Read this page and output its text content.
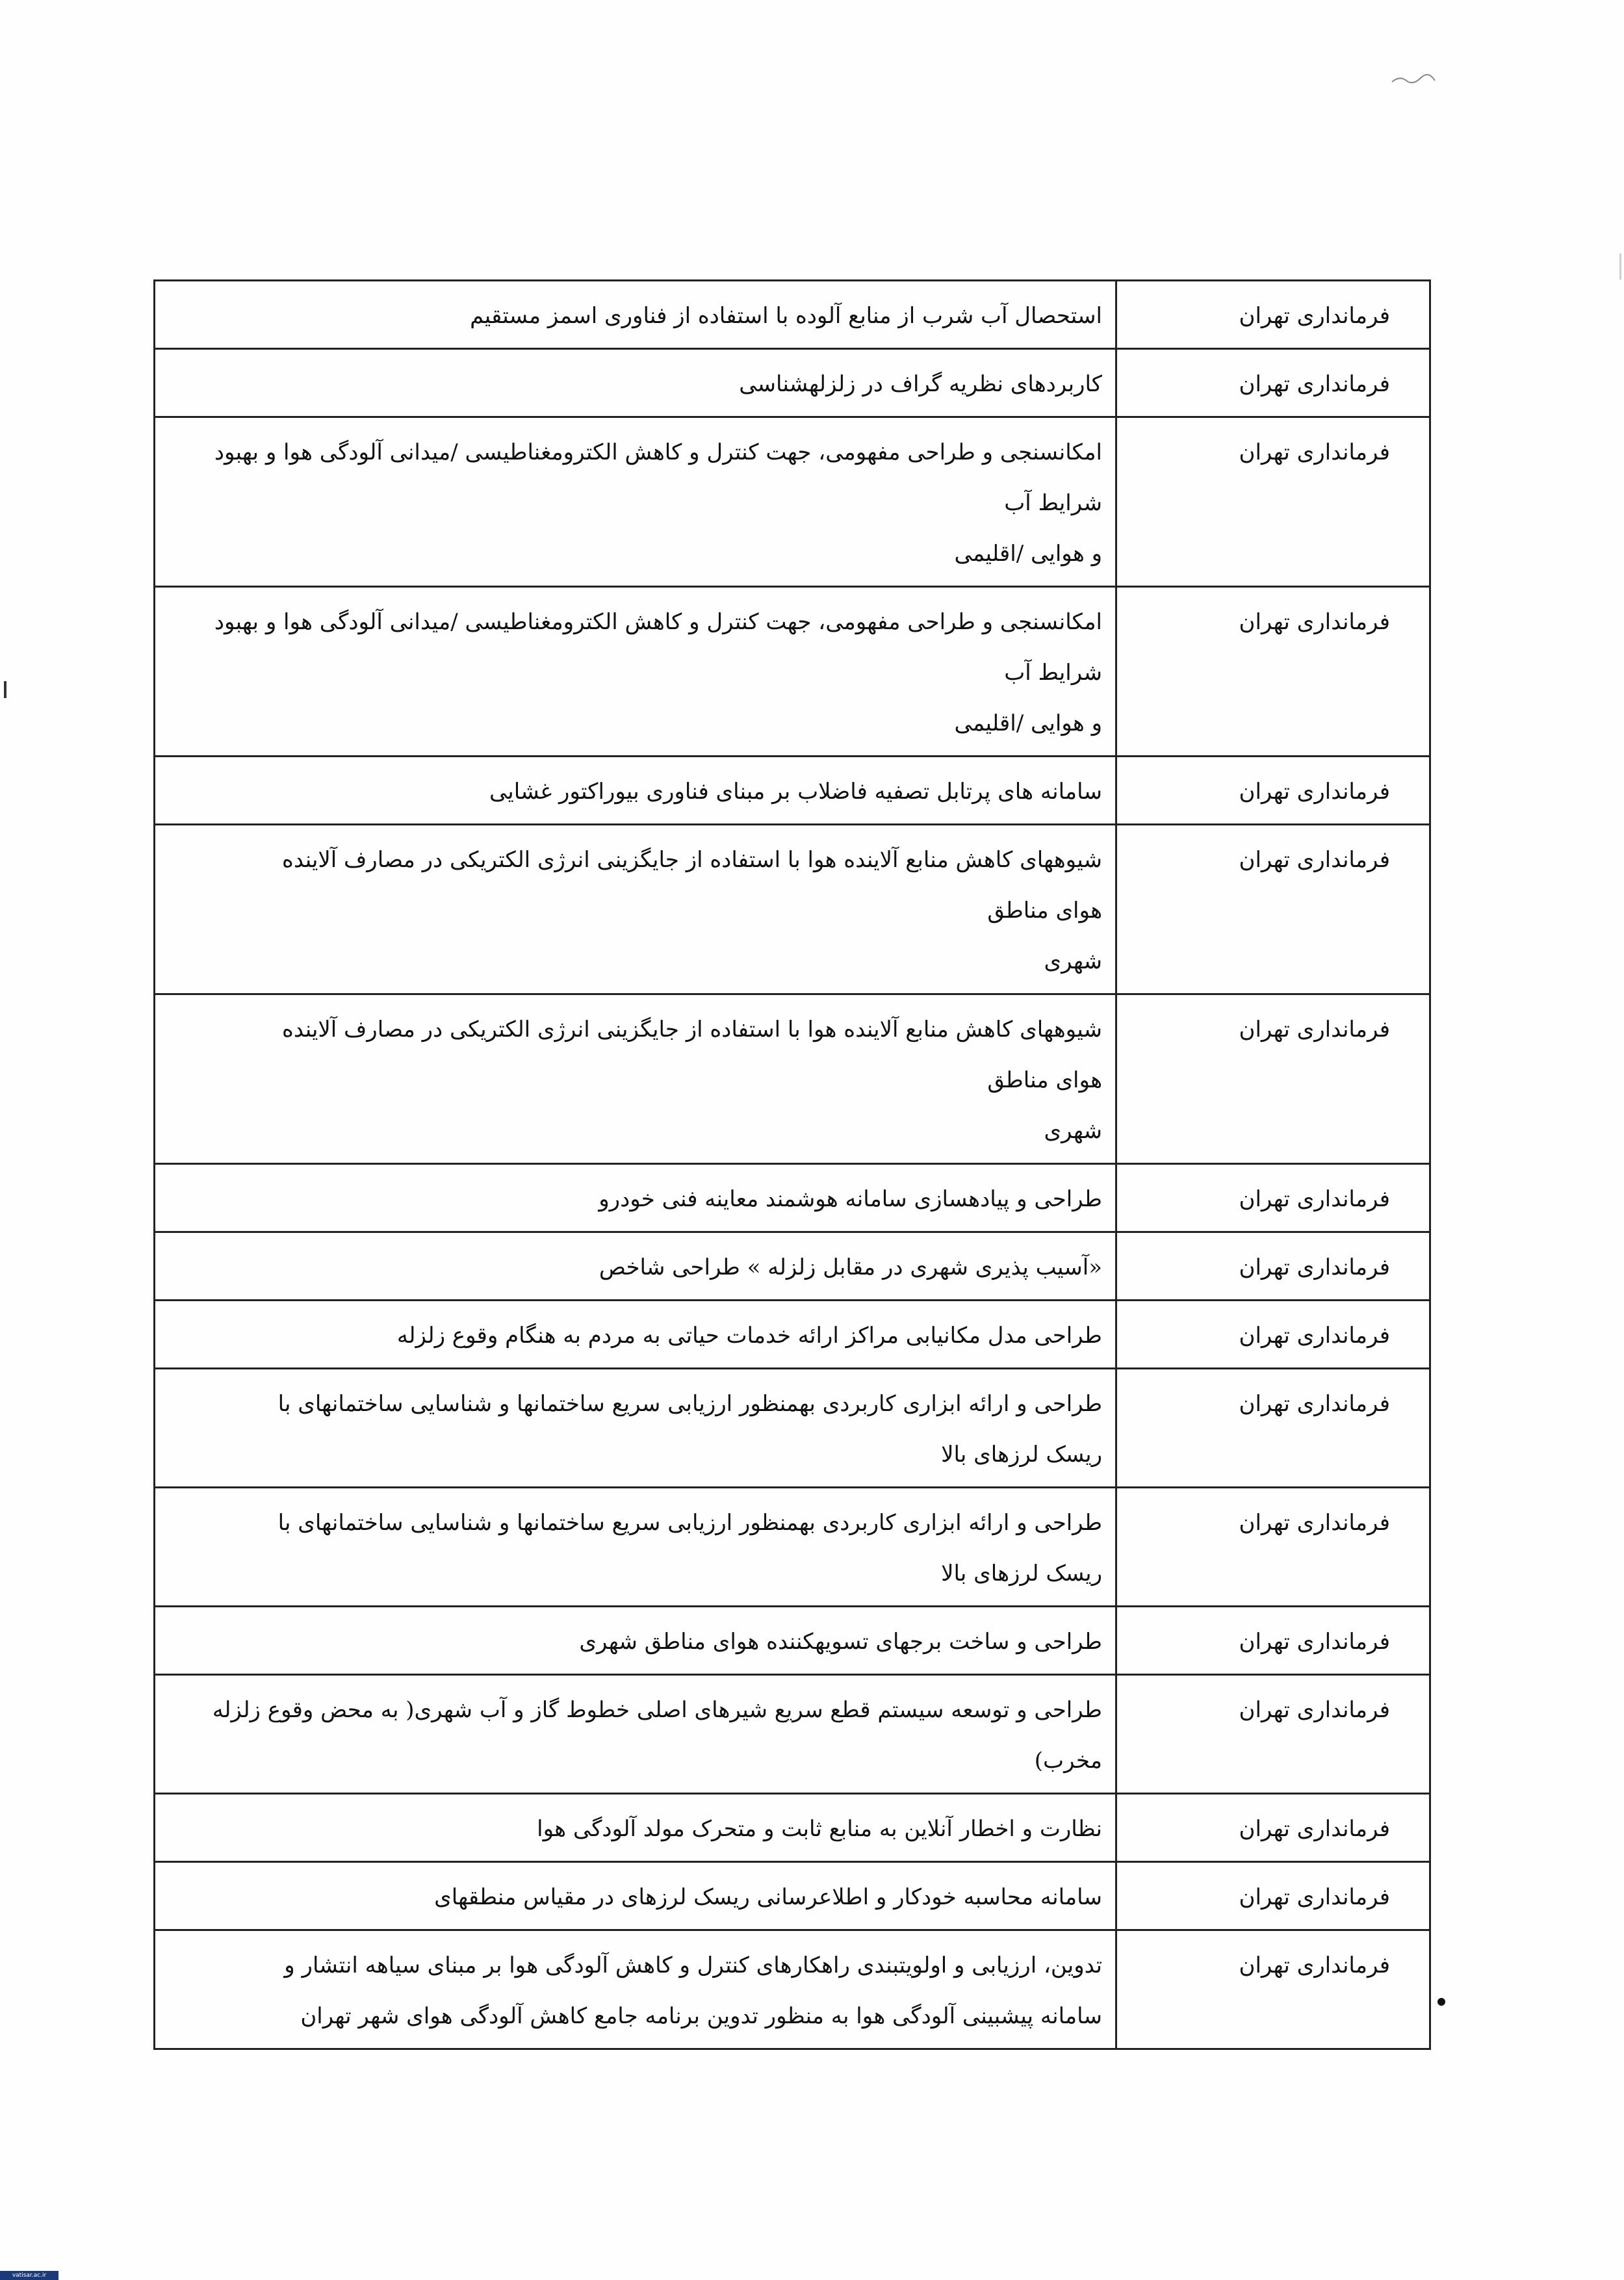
فرمانداری تهران	استحصال آب شرب از منابع آلوده با استفاده از فناوری اسمز مستقیم

فرمانداری تهران	کاربردهای نظریه گراف در زلزلهشناسی

فرمانداری تهران	امکانسنجی و طراحی مفهومی، جهت کنترل و کاهش الکترومغناطیسی /میدانی آلودگی هوا و بهبود
شرایط آب
و هوایی /اقلیمی

فرمانداری تهران	امکانسنجی و طراحی مفهومی، جهت کنترل و کاهش الکترومغناطیسی /میدانی آلودگی هوا و بهبود
شرایط آب
و هوایی /اقلیمی

فرمانداری تهران	سامانه های پرتابل تصفیه فاضلاب بر مبنای فناوری بیوراکتور غشایی

فرمانداری تهران	شیوههای کاهش منابع آلاینده هوا با استفاده از جایگزینی انرژی الکتریکی در مصارف آلاینده
هوای مناطق
شهری

فرمانداری تهران	شیوههای کاهش منابع آلاینده هوا با استفاده از جایگزینی انرژی الکتریکی در مصارف آلاینده
هوای مناطق
شهری

فرمانداری تهران	طراحی و پیادهسازی سامانه هوشمند معاینه فنی خودرو

فرمانداری تهران	«آسیب پذیری شهری در مقابل زلزله » طراحی شاخص

فرمانداری تهران	طراحی مدل مکانیابی مراکز ارائه خدمات حیاتی به مردم به هنگام وقوع زلزله

فرمانداری تهران	طراحی و ارائه ابزاری کاربردی بهمنظور ارزیابی سریع ساختمانها و شناسایی ساختمانهای با
ریسک لرزهای بالا

فرمانداری تهران	طراحی و ارائه ابزاری کاربردی بهمنظور ارزیابی سریع ساختمانها و شناسایی ساختمانهای با
ریسک لرزهای بالا

فرمانداری تهران	طراحی و ساخت برجهای تسویهکننده هوای مناطق شهری

فرمانداری تهران	طراحی و توسعه سیستم قطع سریع شیرهای اصلی خطوط گاز و آب شهری( به محض وقوع زلزله
مخرب)

فرمانداری تهران	نظارت و اخطار آنلاین به منابع ثابت و متحرک مولد آلودگی هوا

فرمانداری تهران	سامانه محاسبه خودکار و اطلاعرسانی ریسک لرزهای در مقیاس منطقهای

فرمانداری تهران	تدوین، ارزیابی و اولویتبندی راهکارهای کنترل و کاهش آلودگی هوا بر مبنای سیاهه انتشار و
سامانه پیشبینی آلودگی هوا به منظور تدوین برنامه جامع کاهش آلودگی هوای شهر تهران
vatisar.ac.ir
